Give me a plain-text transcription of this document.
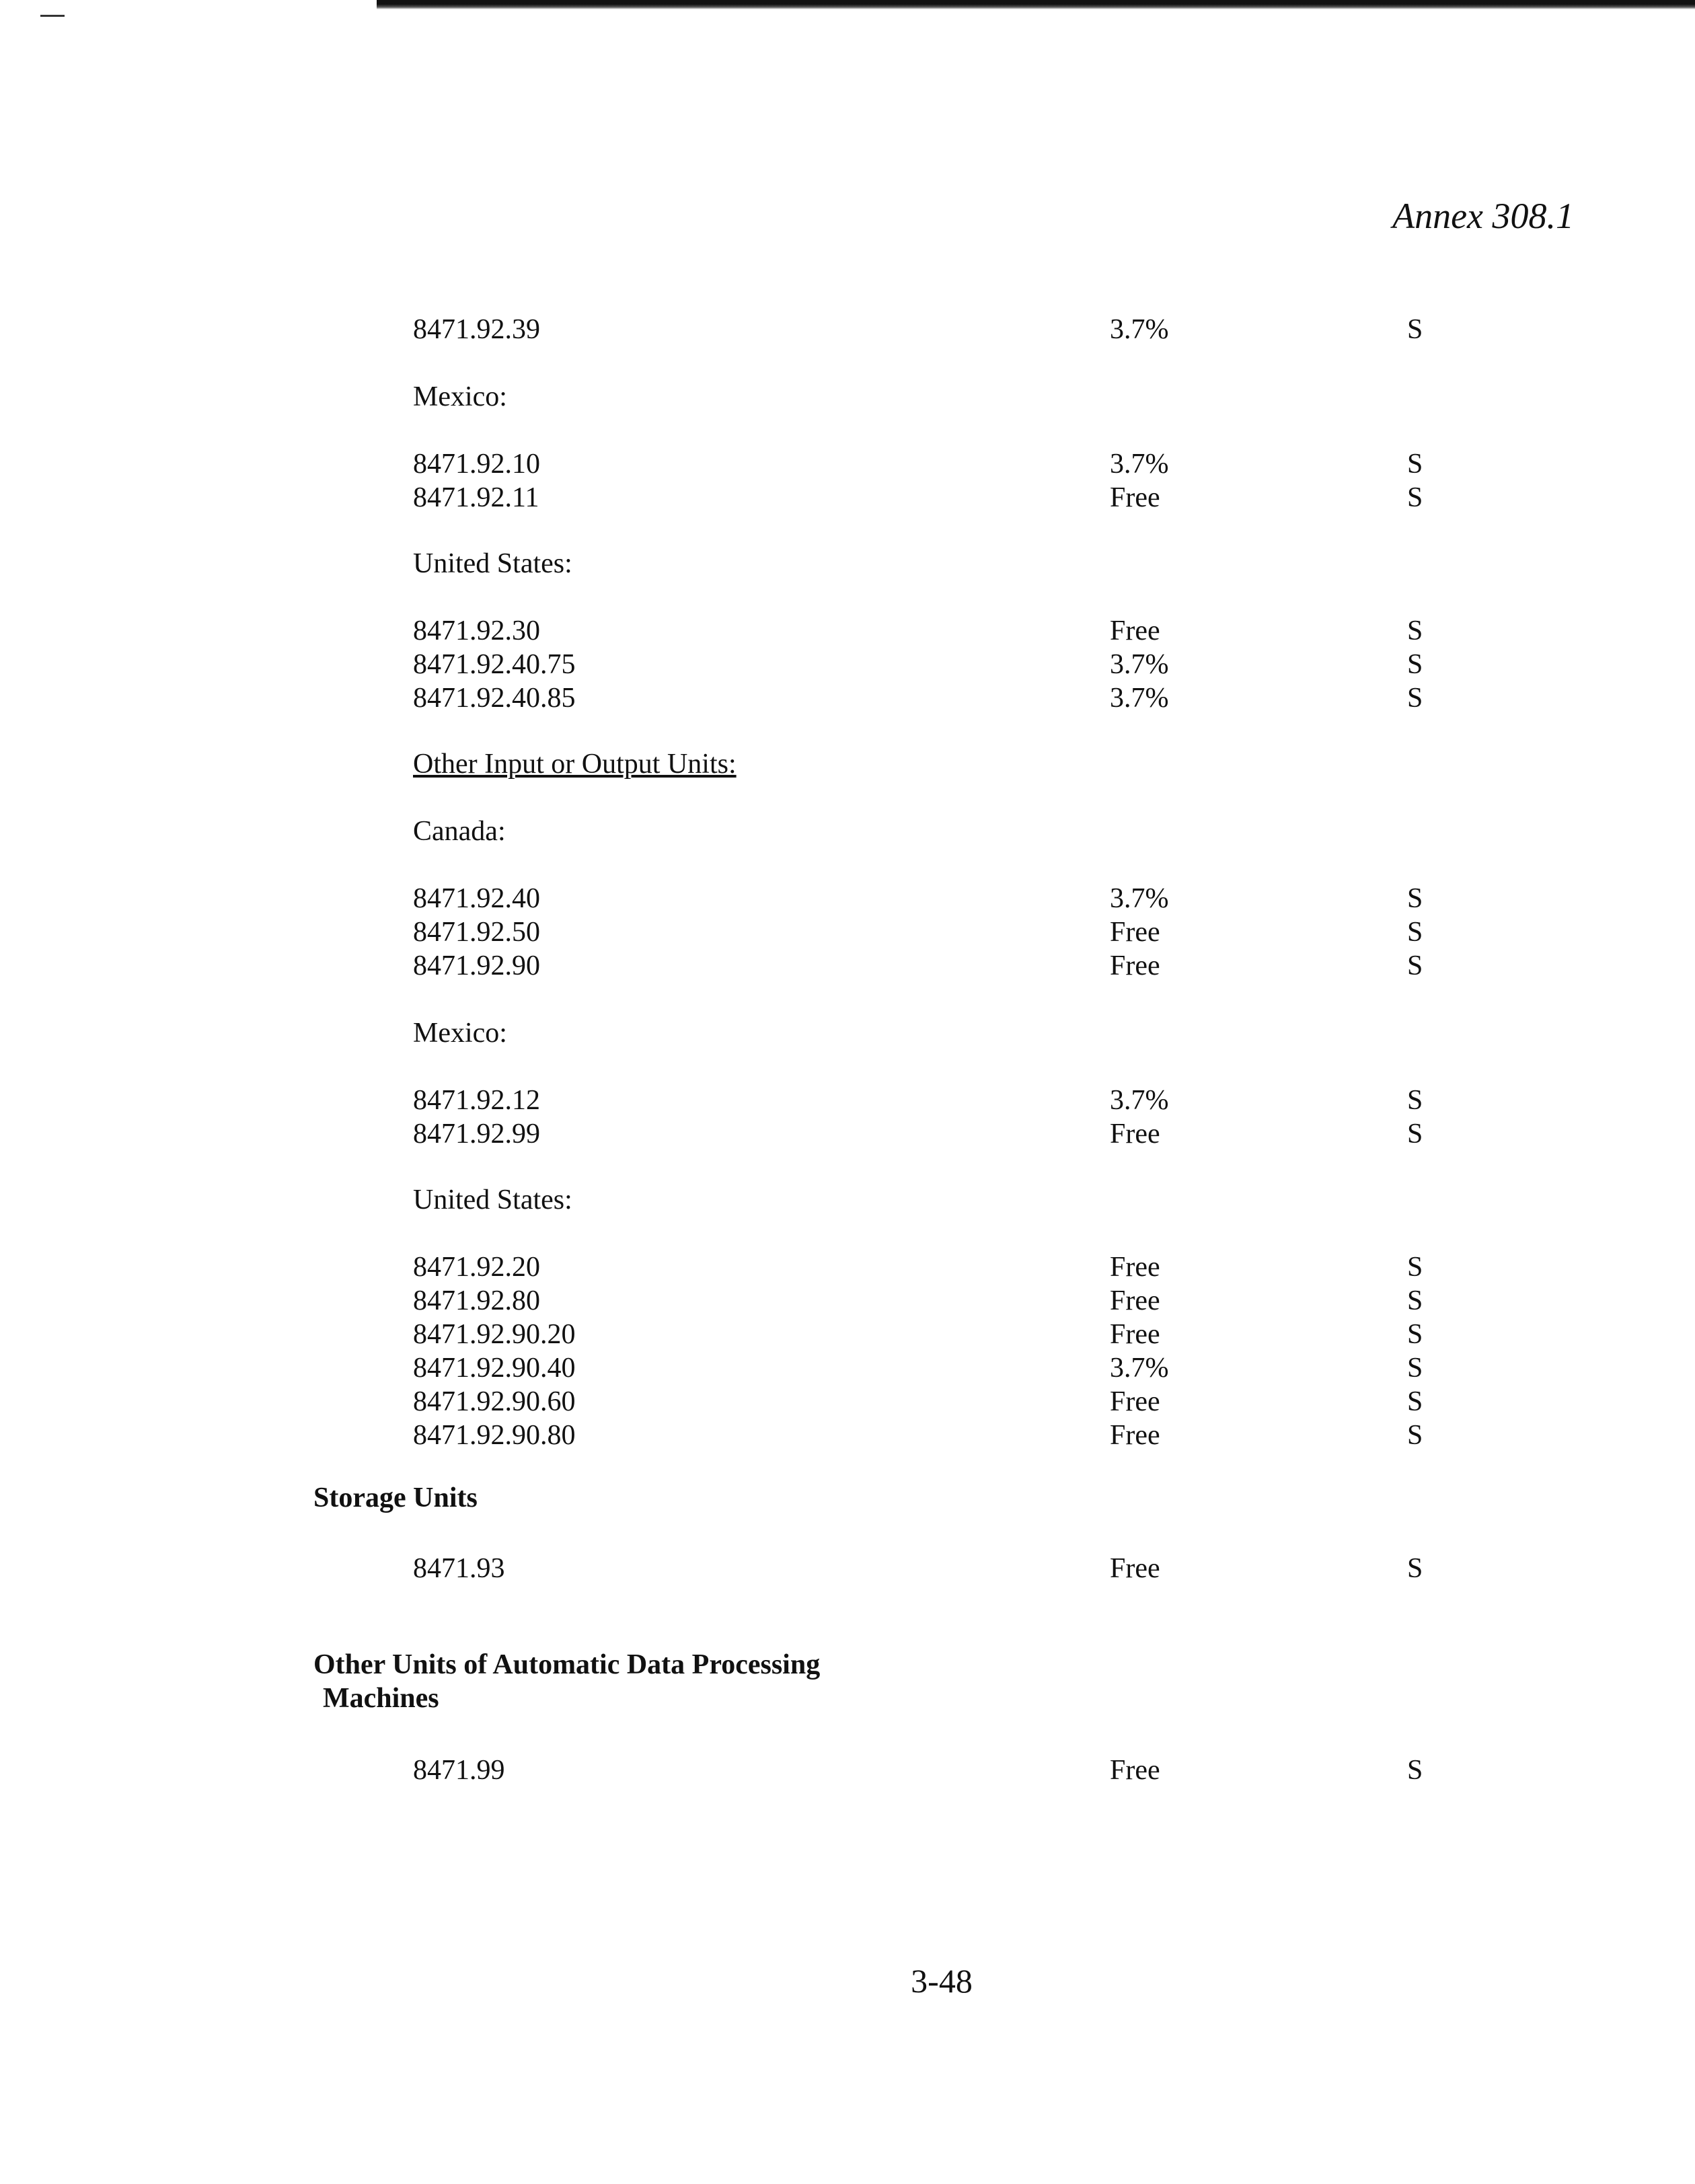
Annex 308.1
8471.92.39	3.7%	S
Mexico:
8471.92.10	3.7%	S
8471.92.11	Free	S
United States:
8471.92.30	Free	S
8471.92.40.75	3.7%	S
8471.92.40.85	3.7%	S
Other Input or Output Units:
Canada:
8471.92.40	3.7%	S
8471.92.50	Free	S
8471.92.90	Free	S
Mexico:
8471.92.12	3.7%	S
8471.92.99	Free	S
United States:
8471.92.20	Free	S
8471.92.80	Free	S
8471.92.90.20	Free	S
8471.92.90.40	3.7%	S
8471.92.90.60	Free	S
8471.92.90.80	Free	S
Storage Units
8471.93	Free	S
Other Units of Automatic Data Processing
Machines
8471.99	Free	S
3-48
